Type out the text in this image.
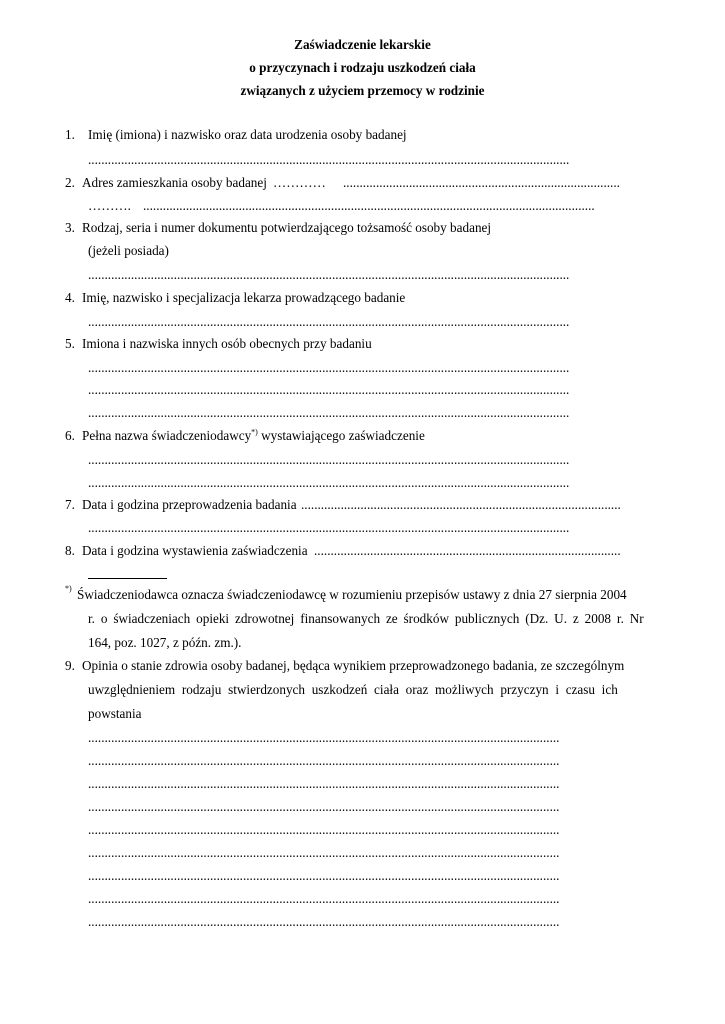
Zaświadczenie lekarskie
o przyczynach i rodzaju uszkodzeń ciała
związanych z użyciem przemocy w rodzinie
1. Imię (imiona) i nazwisko oraz data urodzenia osoby badanej
..................................................................................................................................................
2. Adres zamieszkania osoby badanej ………… ....................................................................................
………. .........................................................................................................................................
3. Rodzaj, seria i numer dokumentu potwierdzającego tożsamość osoby badanej
(jeżeli posiada)
..................................................................................................................................................
4. Imię, nazwisko i specjalizacja lekarza prowadzącego badanie
..................................................................................................................................................
5. Imiona i nazwiska innych osób obecnych przy badaniu
..................................................................................................................................................
..................................................................................................................................................
..................................................................................................................................................
6. Pełna nazwa świadczeniodawcy*) wystawiającego zaświadczenie
..................................................................................................................................................
..................................................................................................................................................
7. Data i godzina przeprowadzenia badania .................................................................................................
..................................................................................................................................................
8. Data i godzina wystawienia zaświadczenia .............................................................................................
*) Świadczeniodawca oznacza świadczeniodawcę w rozumieniu przepisów ustawy z dnia 27 sierpnia 2004
r. o świadczeniach opieki zdrowotnej finansowanych ze środków publicznych (Dz. U. z 2008 r. Nr
164, poz. 1027, z późn. zm.).
9. Opinia o stanie zdrowia osoby badanej, będąca wynikiem przeprowadzonego badania, ze szczególnym
uwzględnieniem rodzaju stwierdzonych uszkodzeń ciała oraz możliwych przyczyn i czasu ich
powstania
...............................................................................................................................................
...............................................................................................................................................
...............................................................................................................................................
...............................................................................................................................................
...............................................................................................................................................
...............................................................................................................................................
...............................................................................................................................................
...............................................................................................................................................
...............................................................................................................................................
